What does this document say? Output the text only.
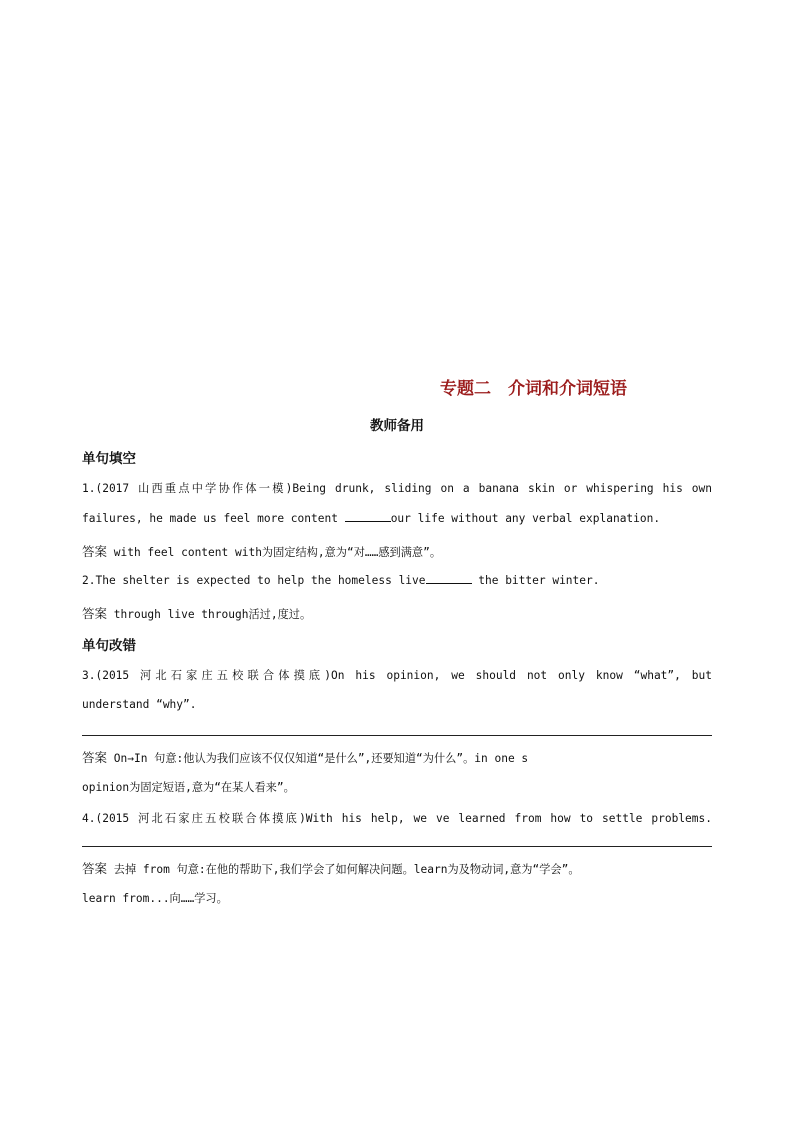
专题二　介词和介词短语
教师备用
单句填空
1.(2017 山西重点中学协作体一模)Being drunk, sliding on a banana skin or whispering his own
failures, he made us feel more content	our life without any verbal explanation.
答案 with feel content with为固定结构,意为“对……感到满意”。
2.The shelter is expected to help the homeless live	the bitter winter.
答案 through live through活过,度过。
单句改错
3.(2015 河北石家庄五校联合体摸底)On his opinion, we should not only know “what”, but
understand “why”.
答案 On→In 句意:他认为我们应该不仅仅知道“是什么”,还要知道“为什么”。in one s
opinion为固定短语,意为“在某人看来”。
4.(2015 河北石家庄五校联合体摸底)With his help, we ve learned from how to settle problems.
答案 去掉 from 句意:在他的帮助下,我们学会了如何解决问题。learn为及物动词,意为“学会”。
learn from...向……学习。
